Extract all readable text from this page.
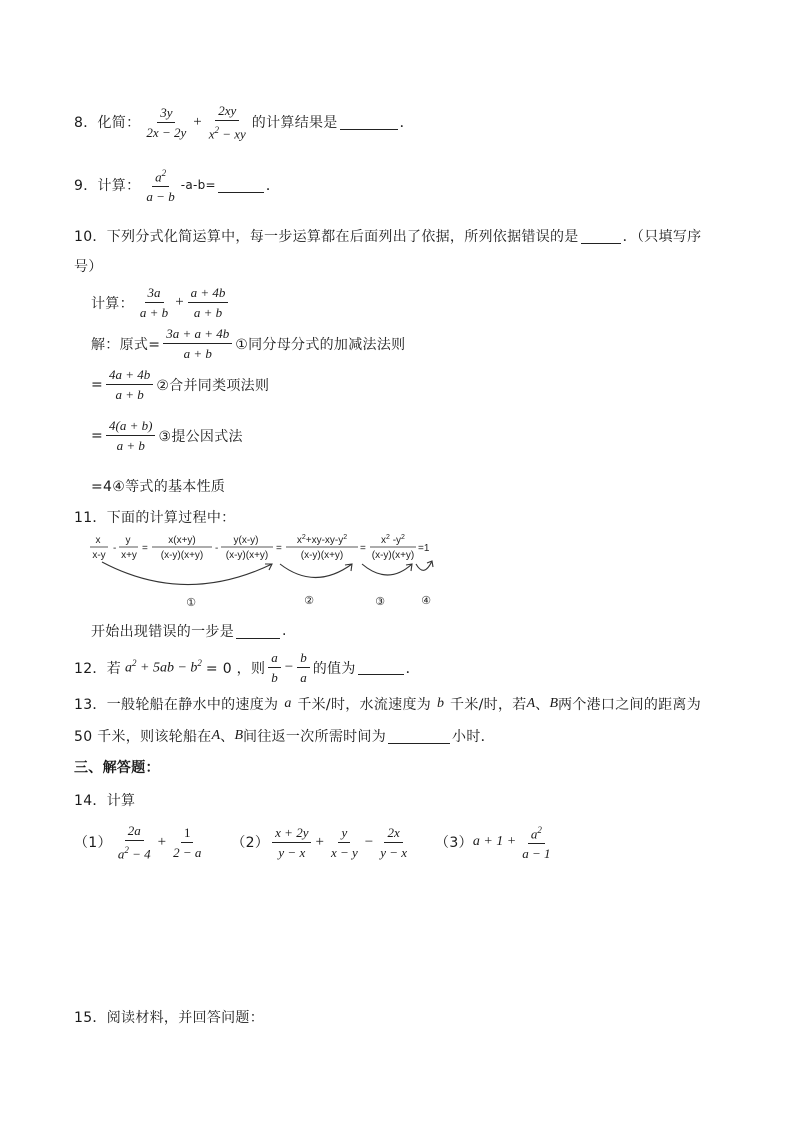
8．化简： $\frac{3y}{2x - 2y} + \frac{2xy}{x^2 - xy}$ 的计算结果是	．
9．计算： $\frac{a^2}{a - b} -a-b=$	．
10．下列分式化简运算中，每一步运算都在后面列出了依据，所列依据错误的是	．（只填写序
号）
计算： $\frac{3a}{a + b} + \frac{a + 4b}{a + b}$
解：原式= $\frac{3a + a + 4b}{a + b}$ ①同分母分式的加减法法则
= $\frac{4a + 4b}{a + b}$ ②合并同类项法则
= $\frac{4(a + b)}{a + b}$ ③提公因式法
=4④等式的基本性质
11．下面的计算过程中：
x
x-y
-
y
x+y
=
x(x+y)
(x-y)(x+y)
-
y(x-y)
(x-y)(x+y)
=
$x^2+xy-xy-y^2$
(x-y)(x+y)
=
$x^2$ $-y^2$
(x-y)(x+y)
=1
①	②	③	④
开始出现错误的一步是	.
12．若 $a^2 + 5ab - b^2 = 0$ ，则 $\frac{a}{b} - \frac{b}{a}$ 的值为	．
13．一般轮船在静水中的速度为 a 千米/时，水流速度为 b 千米/时，若 A 、 B 两个港口之间的距离为
50 千米，则该轮船在 A 、 B 间往返一次所需时间为	小时．
三、解答题：
14．计算
$(1) \frac{2a}{a^2 - 4} + \frac{1}{2 - a} (2) \frac{x + 2y}{y - x} + \frac{y}{x - y} - \frac{2x}{y - x} (3) a + 1 + \frac{a^2}{a - 1}$
15．阅读材料，并回答问题：
